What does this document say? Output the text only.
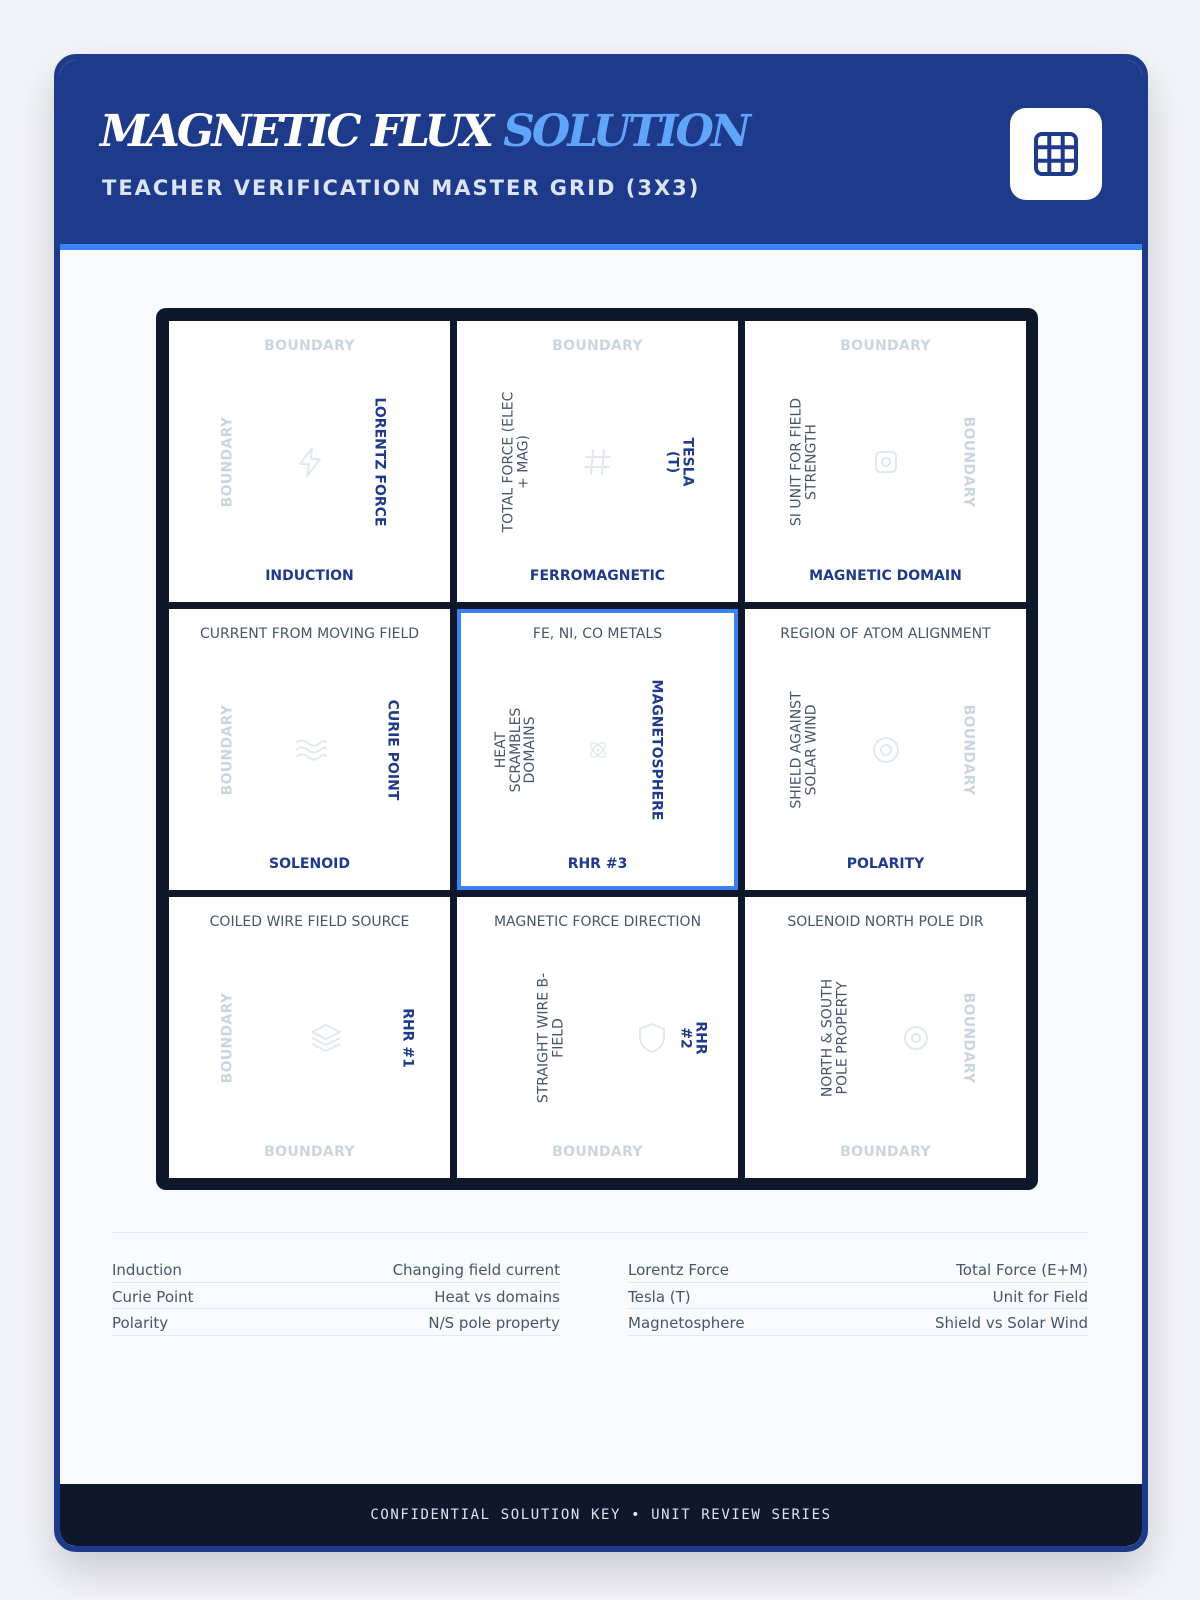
MAGNETIC FLUX SOLUTION
TEACHER VERIFICATION MASTER GRID (3X3)
BOUNDARY
BOUNDARY	LORENTZ FORCE
INDUCTION
BOUNDARY
TOTAL FORCE (ELEC + MAG)	TESLA (T)
FERROMAGNETIC
BOUNDARY
SI UNIT FOR FIELD STRENGTH	BOUNDARY
MAGNETIC DOMAIN
CURRENT FROM MOVING FIELD
BOUNDARY	CURIE POINT
SOLENOID
FE, NI, CO METALS
HEAT SCRAMBLES DOMAINS	MAGNETOSPHERE
RHR #3
REGION OF ATOM ALIGNMENT
SHIELD AGAINST SOLAR WIND	BOUNDARY
POLARITY
COILED WIRE FIELD SOURCE
BOUNDARY	RHR #1
BOUNDARY
MAGNETIC FORCE DIRECTION
STRAIGHT WIRE B-FIELD	RHR #2
BOUNDARY
SOLENOID NORTH POLE DIR
NORTH & SOUTH POLE PROPERTY	BOUNDARY
BOUNDARY
Induction	Changing field current
Curie Point	Heat vs domains
Polarity	N/S pole property
Lorentz Force	Total Force (E+M)
Tesla (T)	Unit for Field
Magnetosphere	Shield vs Solar Wind
CONFIDENTIAL SOLUTION KEY • UNIT REVIEW SERIES
